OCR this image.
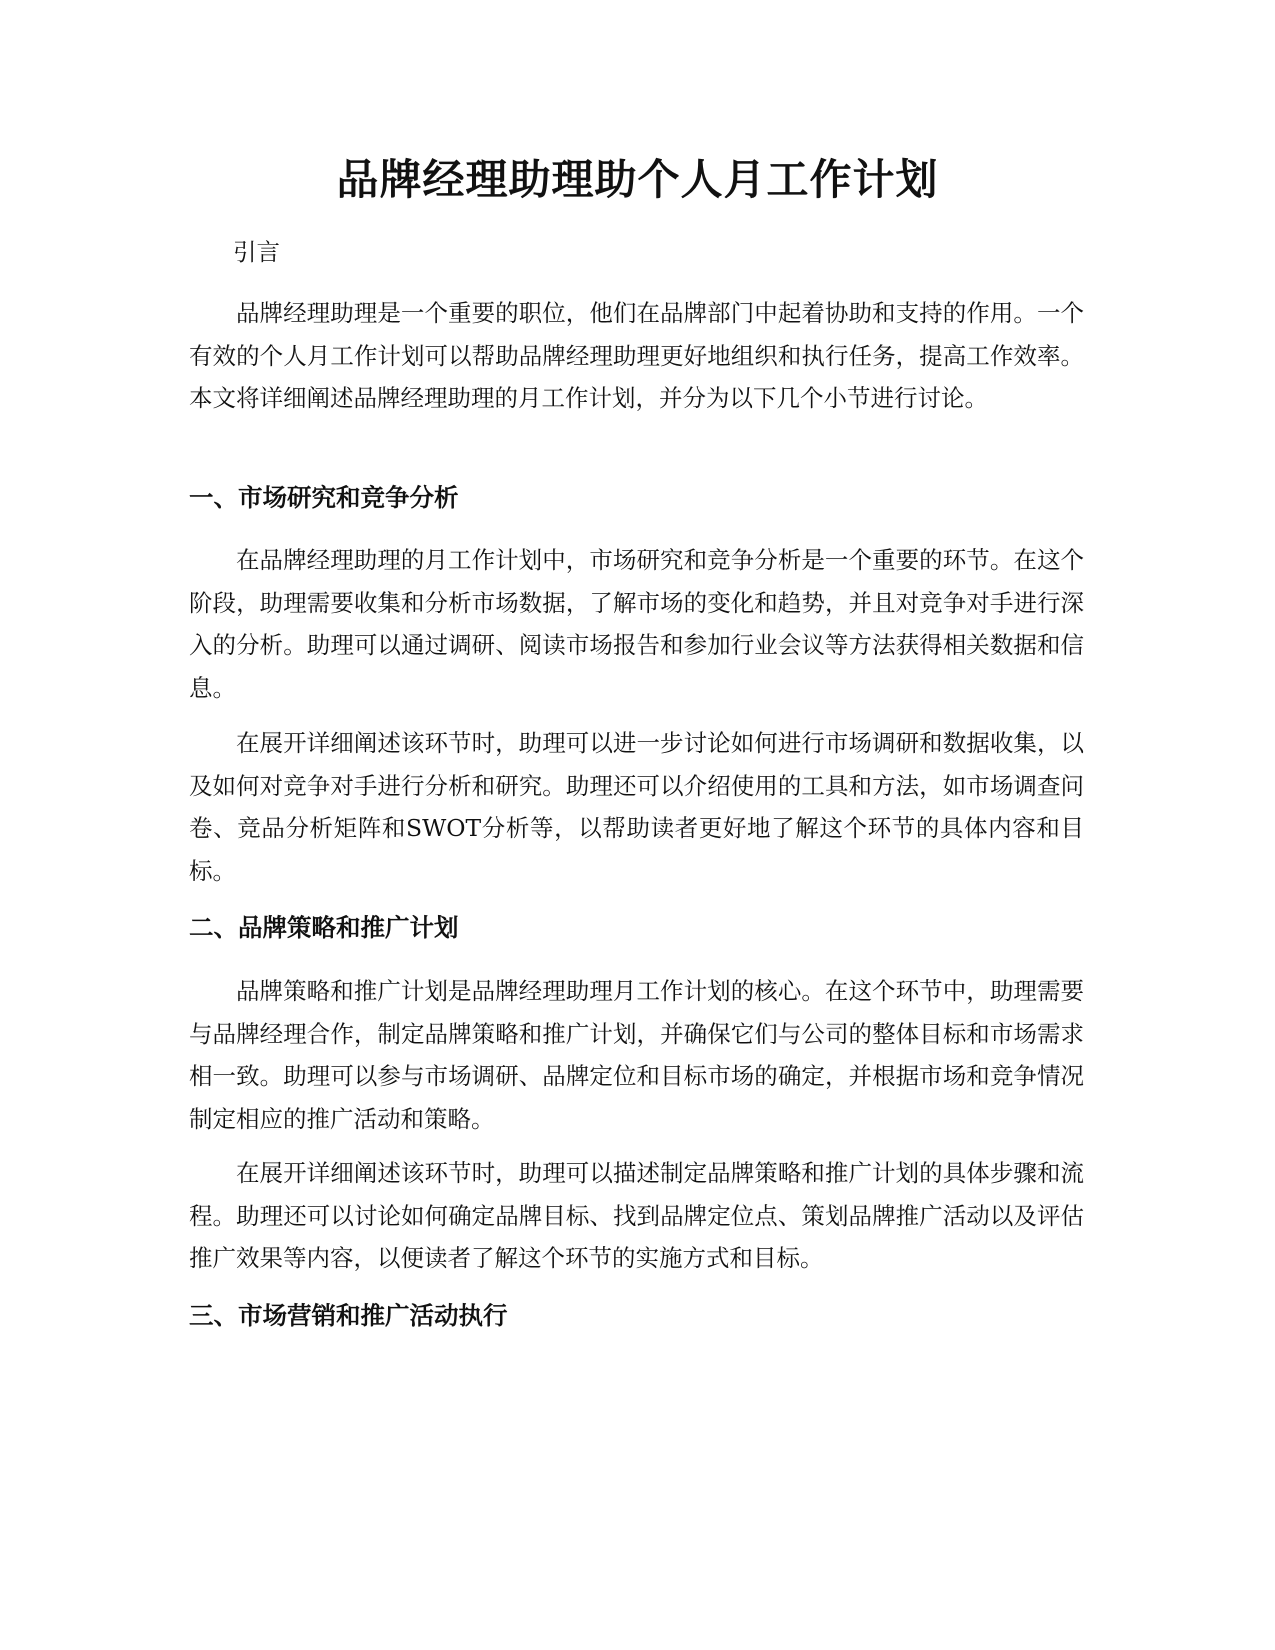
品牌经理助理助个人月工作计划

引言

品牌经理助理是一个重要的职位，他们在品牌部门中起着协助和支持的作用。一个有效的个人月工作计划可以帮助品牌经理助理更好地组织和执行任务，提高工作效率。本文将详细阐述品牌经理助理的月工作计划，并分为以下几个小节进行讨论。

一、市场研究和竞争分析

在品牌经理助理的月工作计划中，市场研究和竞争分析是一个重要的环节。在这个阶段，助理需要收集和分析市场数据，了解市场的变化和趋势，并且对竞争对手进行深入的分析。助理可以通过调研、阅读市场报告和参加行业会议等方法获得相关数据和信息。

在展开详细阐述该环节时，助理可以进一步讨论如何进行市场调研和数据收集，以及如何对竞争对手进行分析和研究。助理还可以介绍使用的工具和方法，如市场调查问卷、竞品分析矩阵和SWOT分析等，以帮助读者更好地了解这个环节的具体内容和目标。

二、品牌策略和推广计划

品牌策略和推广计划是品牌经理助理月工作计划的核心。在这个环节中，助理需要与品牌经理合作，制定品牌策略和推广计划，并确保它们与公司的整体目标和市场需求相一致。助理可以参与市场调研、品牌定位和目标市场的确定，并根据市场和竞争情况制定相应的推广活动和策略。

在展开详细阐述该环节时，助理可以描述制定品牌策略和推广计划的具体步骤和流程。助理还可以讨论如何确定品牌目标、找到品牌定位点、策划品牌推广活动以及评估推广效果等内容，以便读者了解这个环节的实施方式和目标。

三、市场营销和推广活动执行
